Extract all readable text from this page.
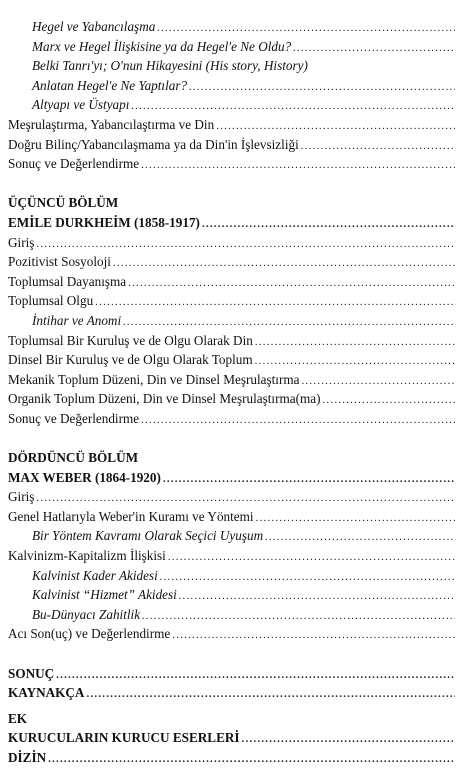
Hegel ve Yabancılaşma
.....
Marx ve Hegel İlişkisine ya da Hegel'e Ne Oldu?
.....
Belki Tanrı'yı; O'nun Hikayesini (His story, History)
Anlatan Hegel'e Ne Yaptılar?
.....
Altyapı ve Üstyapı
.....
Meşrulaştırma, Yabancılaştırma ve Din
.....
Doğru Bilinç/Yabancılaşmama ya da Din'in İşlevsizliği
.....
Sonuç ve Değerlendirme
.....
ÜÇÜNCÜ BÖLÜM
EMİLE DURKHEİM (1858-1917)
.....
Giriş
.....
Pozitivist Sosyoloji
.....
Toplumsal Dayanışma
.....
Toplumsal Olgu
.....
İntihar ve Anomi
.....
Toplumsal Bir Kuruluş ve de Olgu Olarak Din
.....
Dinsel Bir Kuruluş ve de Olgu Olarak Toplum
.....
Mekanik Toplum Düzeni, Din ve Dinsel Meşrulaştırma
.....
Organik Toplum Düzeni, Din ve Dinsel Meşrulaştırma(ma)
.....
Sonuç ve Değerlendirme
.....
DÖRDÜNCÜ BÖLÜM
MAX WEBER (1864-1920)
.....
Giriş
.....
Genel Hatlarıyla Weber'in Kuramı ve Yöntemi
.....
Bir Yöntem Kavramı Olarak Seçici Uyuşum
.....
Kalvinizm-Kapitalizm İlişkisi
.....
Kalvinist Kader Akidesi
.....
Kalvinist “Hizmet” Akidesi
.....
Bu-Dünyacı Zahitlik
.....
Acı Son(uç) ve Değerlendirme
.....
SONUÇ
.....
KAYNAKÇA
.....
EK
KURUCULARIN KURUCU ESERLERİ
.....
DİZİN
.....
